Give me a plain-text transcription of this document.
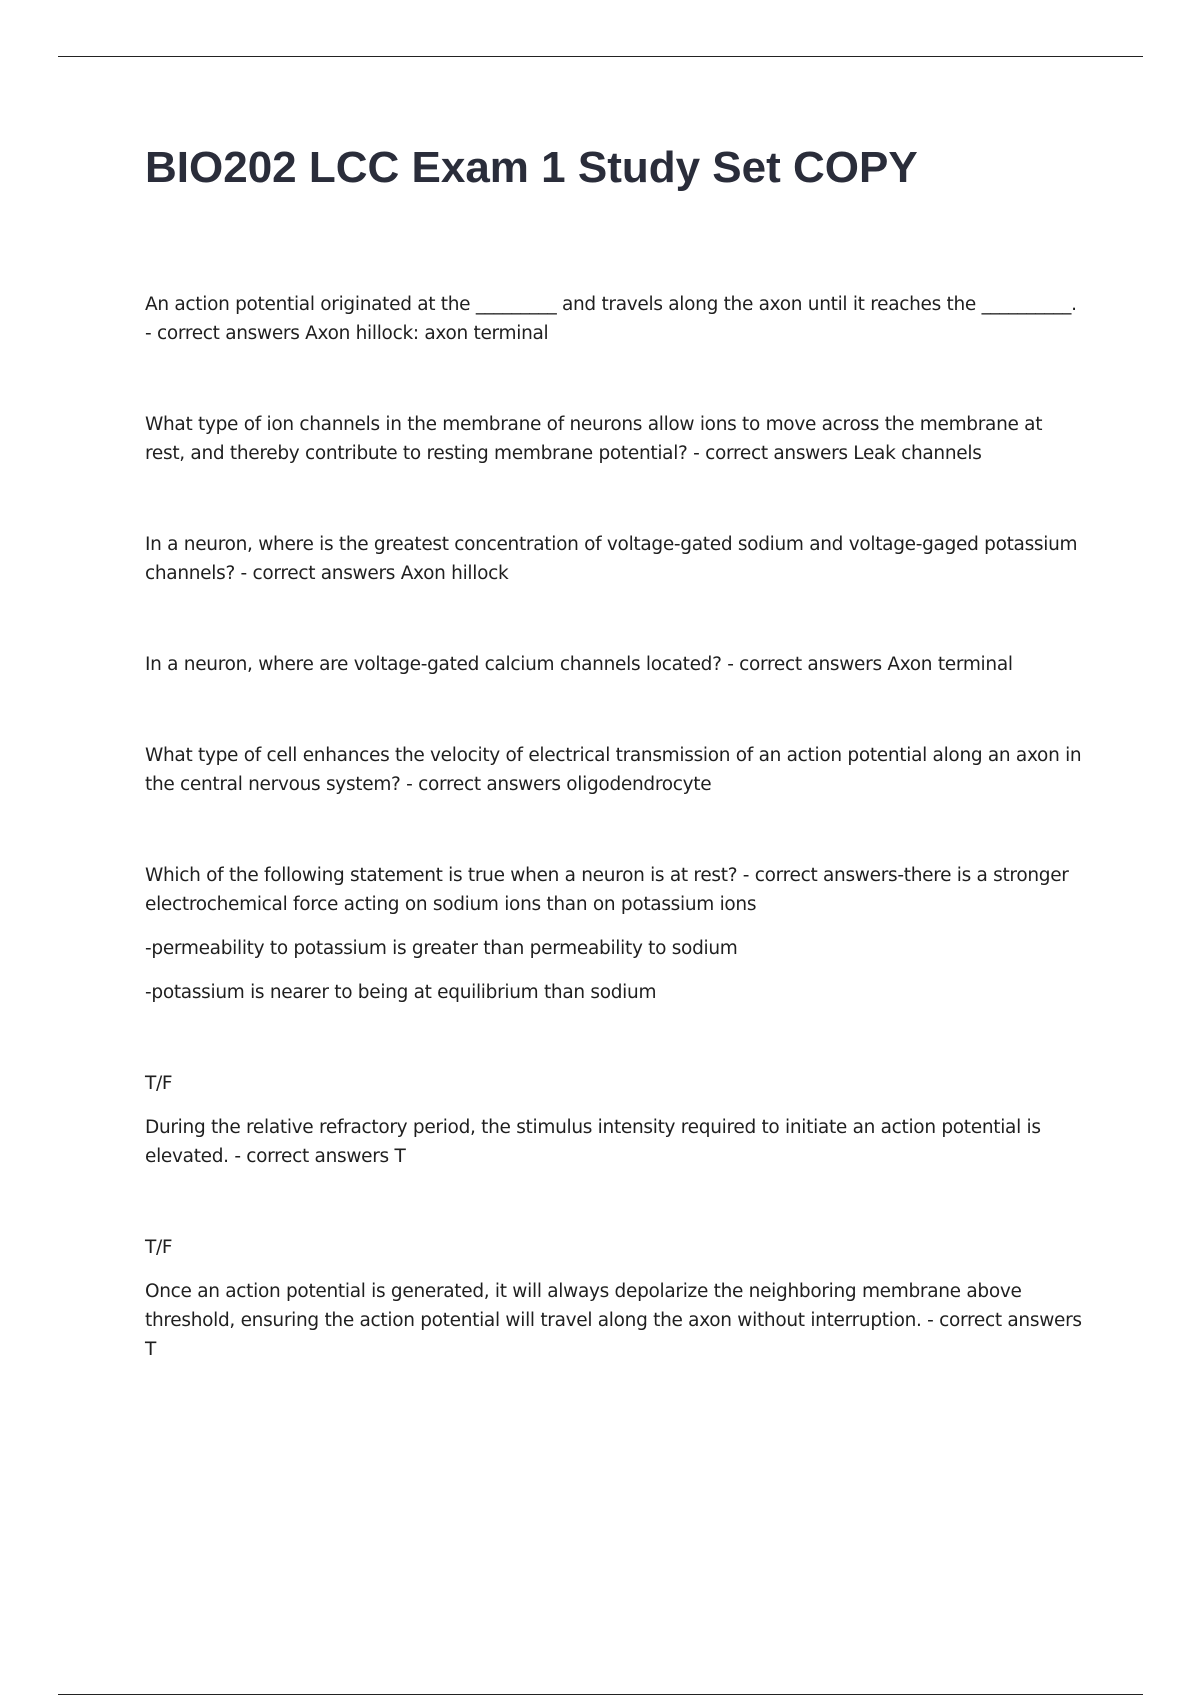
BIO202 LCC Exam 1 Study Set COPY

An action potential originated at the _________ and travels along the axon until it reaches the __________. - correct answers Axon hillock: axon terminal

What type of ion channels in the membrane of neurons allow ions to move across the membrane at rest, and thereby contribute to resting membrane potential? - correct answers Leak channels

In a neuron, where is the greatest concentration of voltage-gated sodium and voltage-gaged potassium channels? - correct answers Axon hillock

In a neuron, where are voltage-gated calcium channels located? - correct answers Axon terminal

What type of cell enhances the velocity of electrical transmission of an action potential along an axon in the central nervous system? - correct answers oligodendrocyte

Which of the following statement is true when a neuron is at rest? - correct answers-there is a stronger electrochemical force acting on sodium ions than on potassium ions

-permeability to potassium is greater than permeability to sodium

-potassium is nearer to being at equilibrium than sodium

T/F

During the relative refractory period, the stimulus intensity required to initiate an action potential is elevated. - correct answers T

T/F

Once an action potential is generated, it will always depolarize the neighboring membrane above threshold, ensuring the action potential will travel along the axon without interruption. - correct answers T
